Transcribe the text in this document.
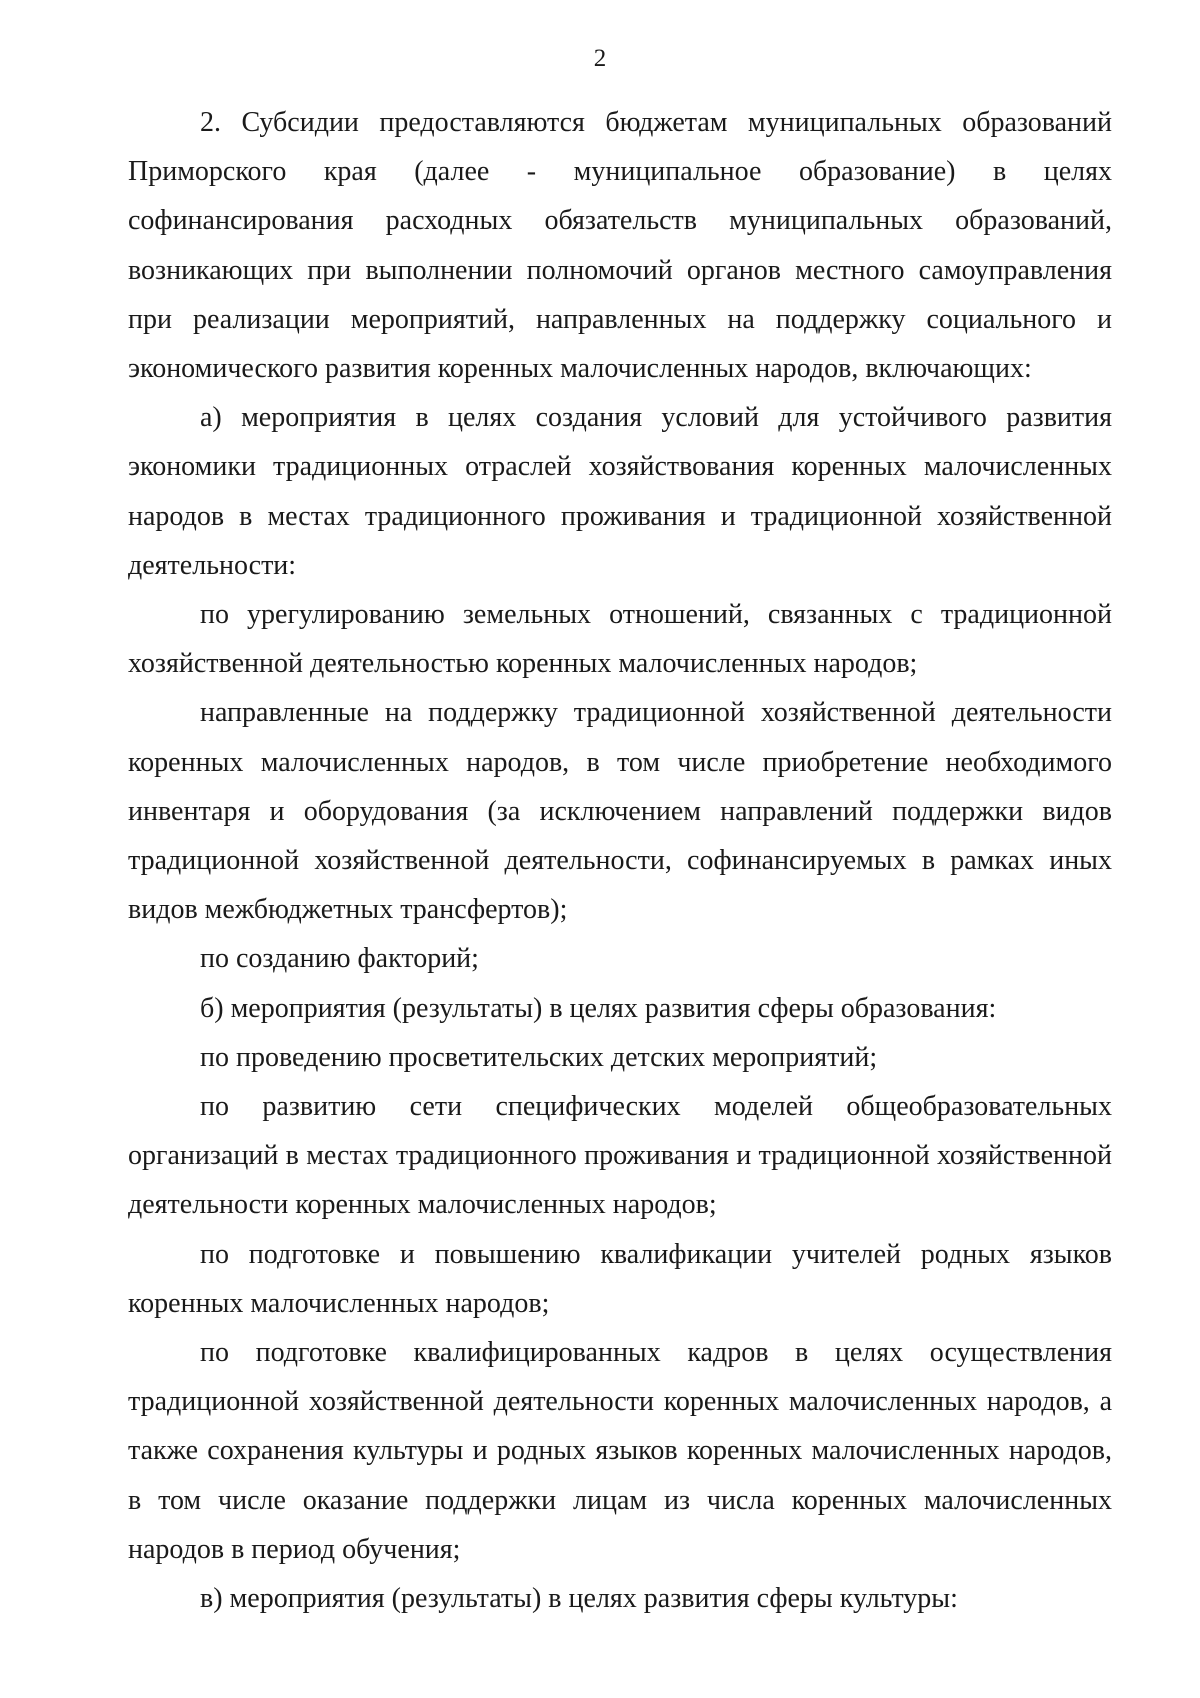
2

2. Субсидии предоставляются бюджетам муниципальных образований Приморского края (далее - муниципальное образование) в целях софинансирования расходных обязательств муниципальных образований, возникающих при выполнении полномочий органов местного самоуправления при реализации мероприятий, направленных на поддержку социального и экономического развития коренных малочисленных народов, включающих:

а) мероприятия в целях создания условий для устойчивого развития экономики традиционных отраслей хозяйствования коренных малочисленных народов в местах традиционного проживания и традиционной хозяйственной деятельности:

по урегулированию земельных отношений, связанных с традиционной хозяйственной деятельностью коренных малочисленных народов;

направленные на поддержку традиционной хозяйственной деятельности коренных малочисленных народов, в том числе приобретение необходимого инвентаря и оборудования (за исключением направлений поддержки видов традиционной хозяйственной деятельности, софинансируемых в рамках иных видов межбюджетных трансфертов);

по созданию факторий;

б) мероприятия (результаты) в целях развития сферы образования:

по проведению просветительских детских мероприятий;

по развитию сети специфических моделей общеобразовательных организаций в местах традиционного проживания и традиционной хозяйственной деятельности коренных малочисленных народов;

по подготовке и повышению квалификации учителей родных языков коренных малочисленных народов;

по подготовке квалифицированных кадров в целях осуществления традиционной хозяйственной деятельности коренных малочисленных народов, а также сохранения культуры и родных языков коренных малочисленных народов, в том числе оказание поддержки лицам из числа коренных малочисленных народов в период обучения;

в) мероприятия (результаты) в целях развития сферы культуры:
